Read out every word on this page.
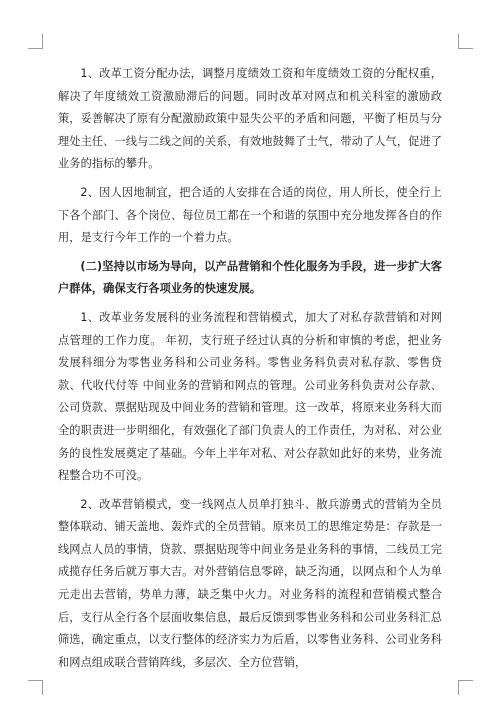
1、改革工资分配办法，调整月度绩效工资和年度绩效工资的分配权重，解决了年度绩效工资激励滞后的问题。同时改革对网点和机关科室的激励政策，妥善解决了原有分配激励政策中显失公平的矛盾和问题，平衡了柜员与分理处主任、一线与二线之间的关系，有效地鼓舞了士气，带动了人气，促进了业务的指标的攀升。

2、因人因地制宜，把合适的人安排在合适的岗位，用人所长，使全行上下各个部门、各个岗位、每位员工都在一个和谐的氛围中充分地发挥各自的作用，是支行今年工作的一个着力点。

(二)坚持以市场为导向，以产品营销和个性化服务为手段，进一步扩大客户群体，确保支行各项业务的快速发展。

1、改革业务发展科的业务流程和营销模式，加大了对私存款营销和对网点管理的工作力度。 年初，支行班子经过认真的分析和审慎的考虑，把业务发展科细分为零售业务科和公司业务科。零售业务科负责对私存款、零售贷款、代收代付等 中间业务的营销和网点的管理。公司业务科负责对公存款、公司贷款、票据贴现及中间业务的营销和管理。这一改革，将原来业务科大而全的职责进一步明细化，有效强化了部门负责人的工作责任，为对私、对公业务的良性发展奠定了基础。今年上半年对私、对公存款如此好的来势，业务流程整合功不可没。

2、改革营销模式，变一线网点人员单打独斗、散兵游勇式的营销为全员整体联动、铺天盖地、轰炸式的全员营销。原来员工的思维定势是：存款是一线网点人员的事情，贷款、票据贴现等中间业务是业务科的事情，二线员工完成揽存任务后就万事大吉。对外营销信息零碎，缺乏沟通，以网点和个人为单元走出去营销，势单力薄，缺乏集中火力。对业务科的流程和营销模式整合后，支行从全行各个层面收集信息，最后反馈到零售业务科和公司业务科汇总筛选，确定重点，以支行整体的经济实力为后盾，以零售业务科、公司业务科和网点组成联合营销阵线，多层次、全方位营销，
